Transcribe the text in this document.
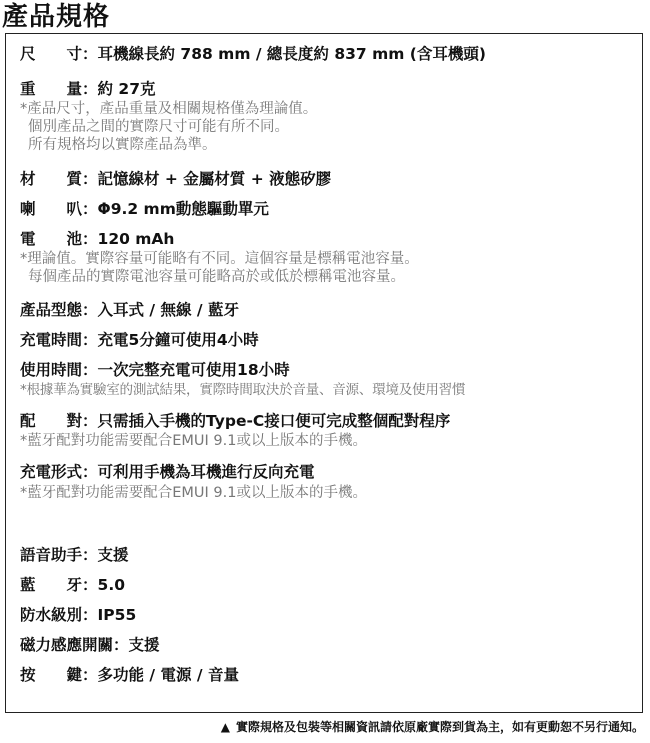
產品規格
尺　　寸：耳機線長約 788 mm / 總長度約 837 mm (含耳機頭)
重　　量：約 27克
*產品尺寸，產品重量及相關規格僅為理論值。
個別產品之間的實際尺寸可能有所不同。
所有規格均以實際產品為準。
材　　質：記憶線材 + 金屬材質 + 液態矽膠
喇　　叭：Φ9.2 mm動態驅動單元
電　　池：120 mAh
*理論值。實際容量可能略有不同。這個容量是標稱電池容量。
每個產品的實際電池容量可能略高於或低於標稱電池容量。
產品型態：入耳式 / 無線 / 藍牙
充電時間：充電5分鐘可使用4小時
使用時間：一次完整充電可使用18小時
*根據華為實驗室的測試結果，實際時間取決於音量、音源、環境及使用習慣
配　　對：只需插入手機的Type-C接口便可完成整個配對程序
*藍牙配對功能需要配合EMUI 9.1或以上版本的手機。
充電形式：可利用手機為耳機進行反向充電
*藍牙配對功能需要配合EMUI 9.1或以上版本的手機。
語音助手：支援
藍　　牙：5.0
防水級別：IP55
磁力感應開關：支援
按　　鍵：多功能 / 電源 / 音量
▲ 實際規格及包裝等相關資訊請依原廠實際到貨為主，如有更動恕不另行通知。
